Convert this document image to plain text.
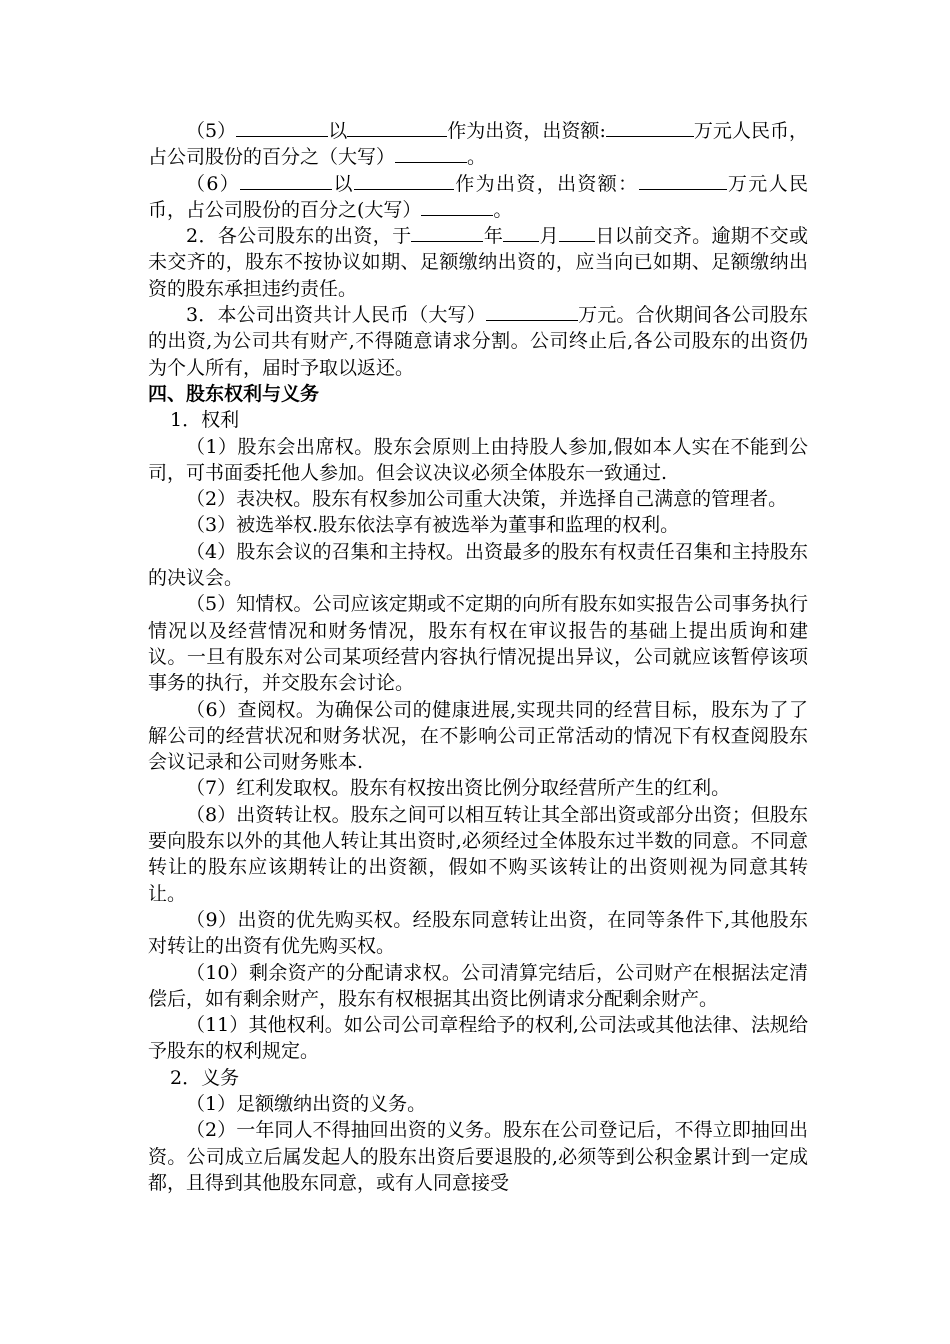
（5）	以	作为出资，出资额:	万元人民币，占公司股份的百分之（大写）	。

（6）	以	作为出资，出资额：	万元人民币，占公司股份的百分之(大写）	。

2．各公司股东的出资，于	年 月 日以前交齐。逾期不交或未交齐的，股东不按协议如期、足额缴纳出资的，应当向已如期、足额缴纳出资的股东承担违约责任。

3．本公司出资共计人民币（大写）	万元。合伙期间各公司股东的出资,为公司共有财产,不得随意请求分割。公司终止后,各公司股东的出资仍为个人所有，届时予取以返还。

四、股东权利与义务

1．权利

（1）股东会出席权。股东会原则上由持股人参加,假如本人实在不能到公司，可书面委托他人参加。但会议决议必须全体股东一致通过.

（2）表决权。股东有权参加公司重大决策，并选择自己满意的管理者。

（3）被选举权.股东依法享有被选举为董事和监理的权利。

（4）股东会议的召集和主持权。出资最多的股东有权责任召集和主持股东的决议会。

（5）知情权。公司应该定期或不定期的向所有股东如实报告公司事务执行情况以及经营情况和财务情况，股东有权在审议报告的基础上提出质询和建议。一旦有股东对公司某项经营内容执行情况提出异议，公司就应该暂停该项事务的执行，并交股东会讨论。

（6）查阅权。为确保公司的健康进展,实现共同的经营目标，股东为了了解公司的经营状况和财务状况，在不影响公司正常活动的情况下有权查阅股东会议记录和公司财务账本.

（7）红利发取权。股东有权按出资比例分取经营所产生的红利。

（8）出资转让权。股东之间可以相互转让其全部出资或部分出资；但股东要向股东以外的其他人转让其出资时,必须经过全体股东过半数的同意。不同意转让的股东应该期转让的出资额，假如不购买该转让的出资则视为同意其转让。

（9）出资的优先购买权。经股东同意转让出资，在同等条件下,其他股东对转让的出资有优先购买权。

（10）剩余资产的分配请求权。公司清算完结后，公司财产在根据法定清偿后，如有剩余财产，股东有权根据其出资比例请求分配剩余财产。

（11）其他权利。如公司公司章程给予的权利,公司法或其他法律、法规给予股东的权利规定。

2．义务

（1）足额缴纳出资的义务。

（2）一年同人不得抽回出资的义务。股东在公司登记后，不得立即抽回出资。公司成立后属发起人的股东出资后要退股的,必须等到公积金累计到一定成都，且得到其他股东同意，或有人同意接受
